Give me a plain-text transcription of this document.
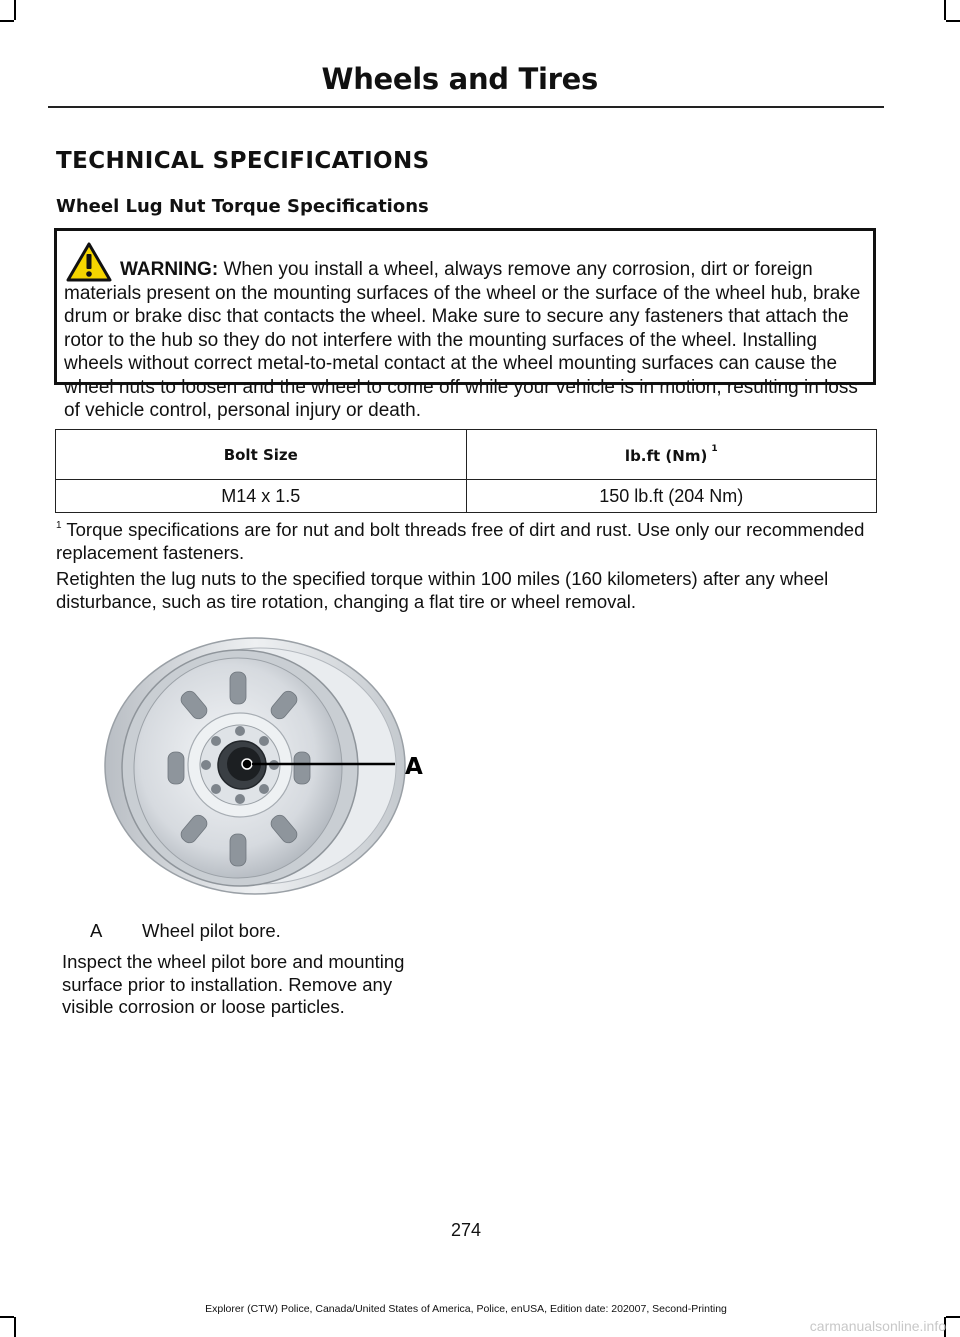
Wheels and Tires
TECHNICAL SPECIFICATIONS
Wheel Lug Nut Torque Specifications
WARNING: When you install a wheel, always remove any corrosion, dirt or foreign materials present on the mounting surfaces of the wheel or the surface of the wheel hub, brake drum or brake disc that contacts the wheel. Make sure to secure any fasteners that attach the rotor to the hub so they do not interfere with the mounting surfaces of the wheel. Installing wheels without correct metal-to-metal contact at the wheel mounting surfaces can cause the wheel nuts to loosen and the wheel to come off while your vehicle is in motion, resulting in loss of vehicle control, personal injury or death.
Bolt Size	lb.ft (Nm) $^1$
M14 x 1.5	150 lb.ft (204 Nm)
$^1$ Torque specifications are for nut and bolt threads free of dirt and rust. Use only our recommended replacement fasteners.
Retighten the lug nuts to the specified torque within 100 miles (160 kilometers) after any wheel disturbance, such as tire rotation, changing a flat tire or wheel removal.
A
A Wheel pilot bore.
Inspect the wheel pilot bore and mounting surface prior to installation. Remove any visible corrosion or loose particles.
274
Explorer (CTW) Police, Canada/United States of America, Police, enUSA, Edition date: 202007, Second-Printing
carmanualsonline.info
